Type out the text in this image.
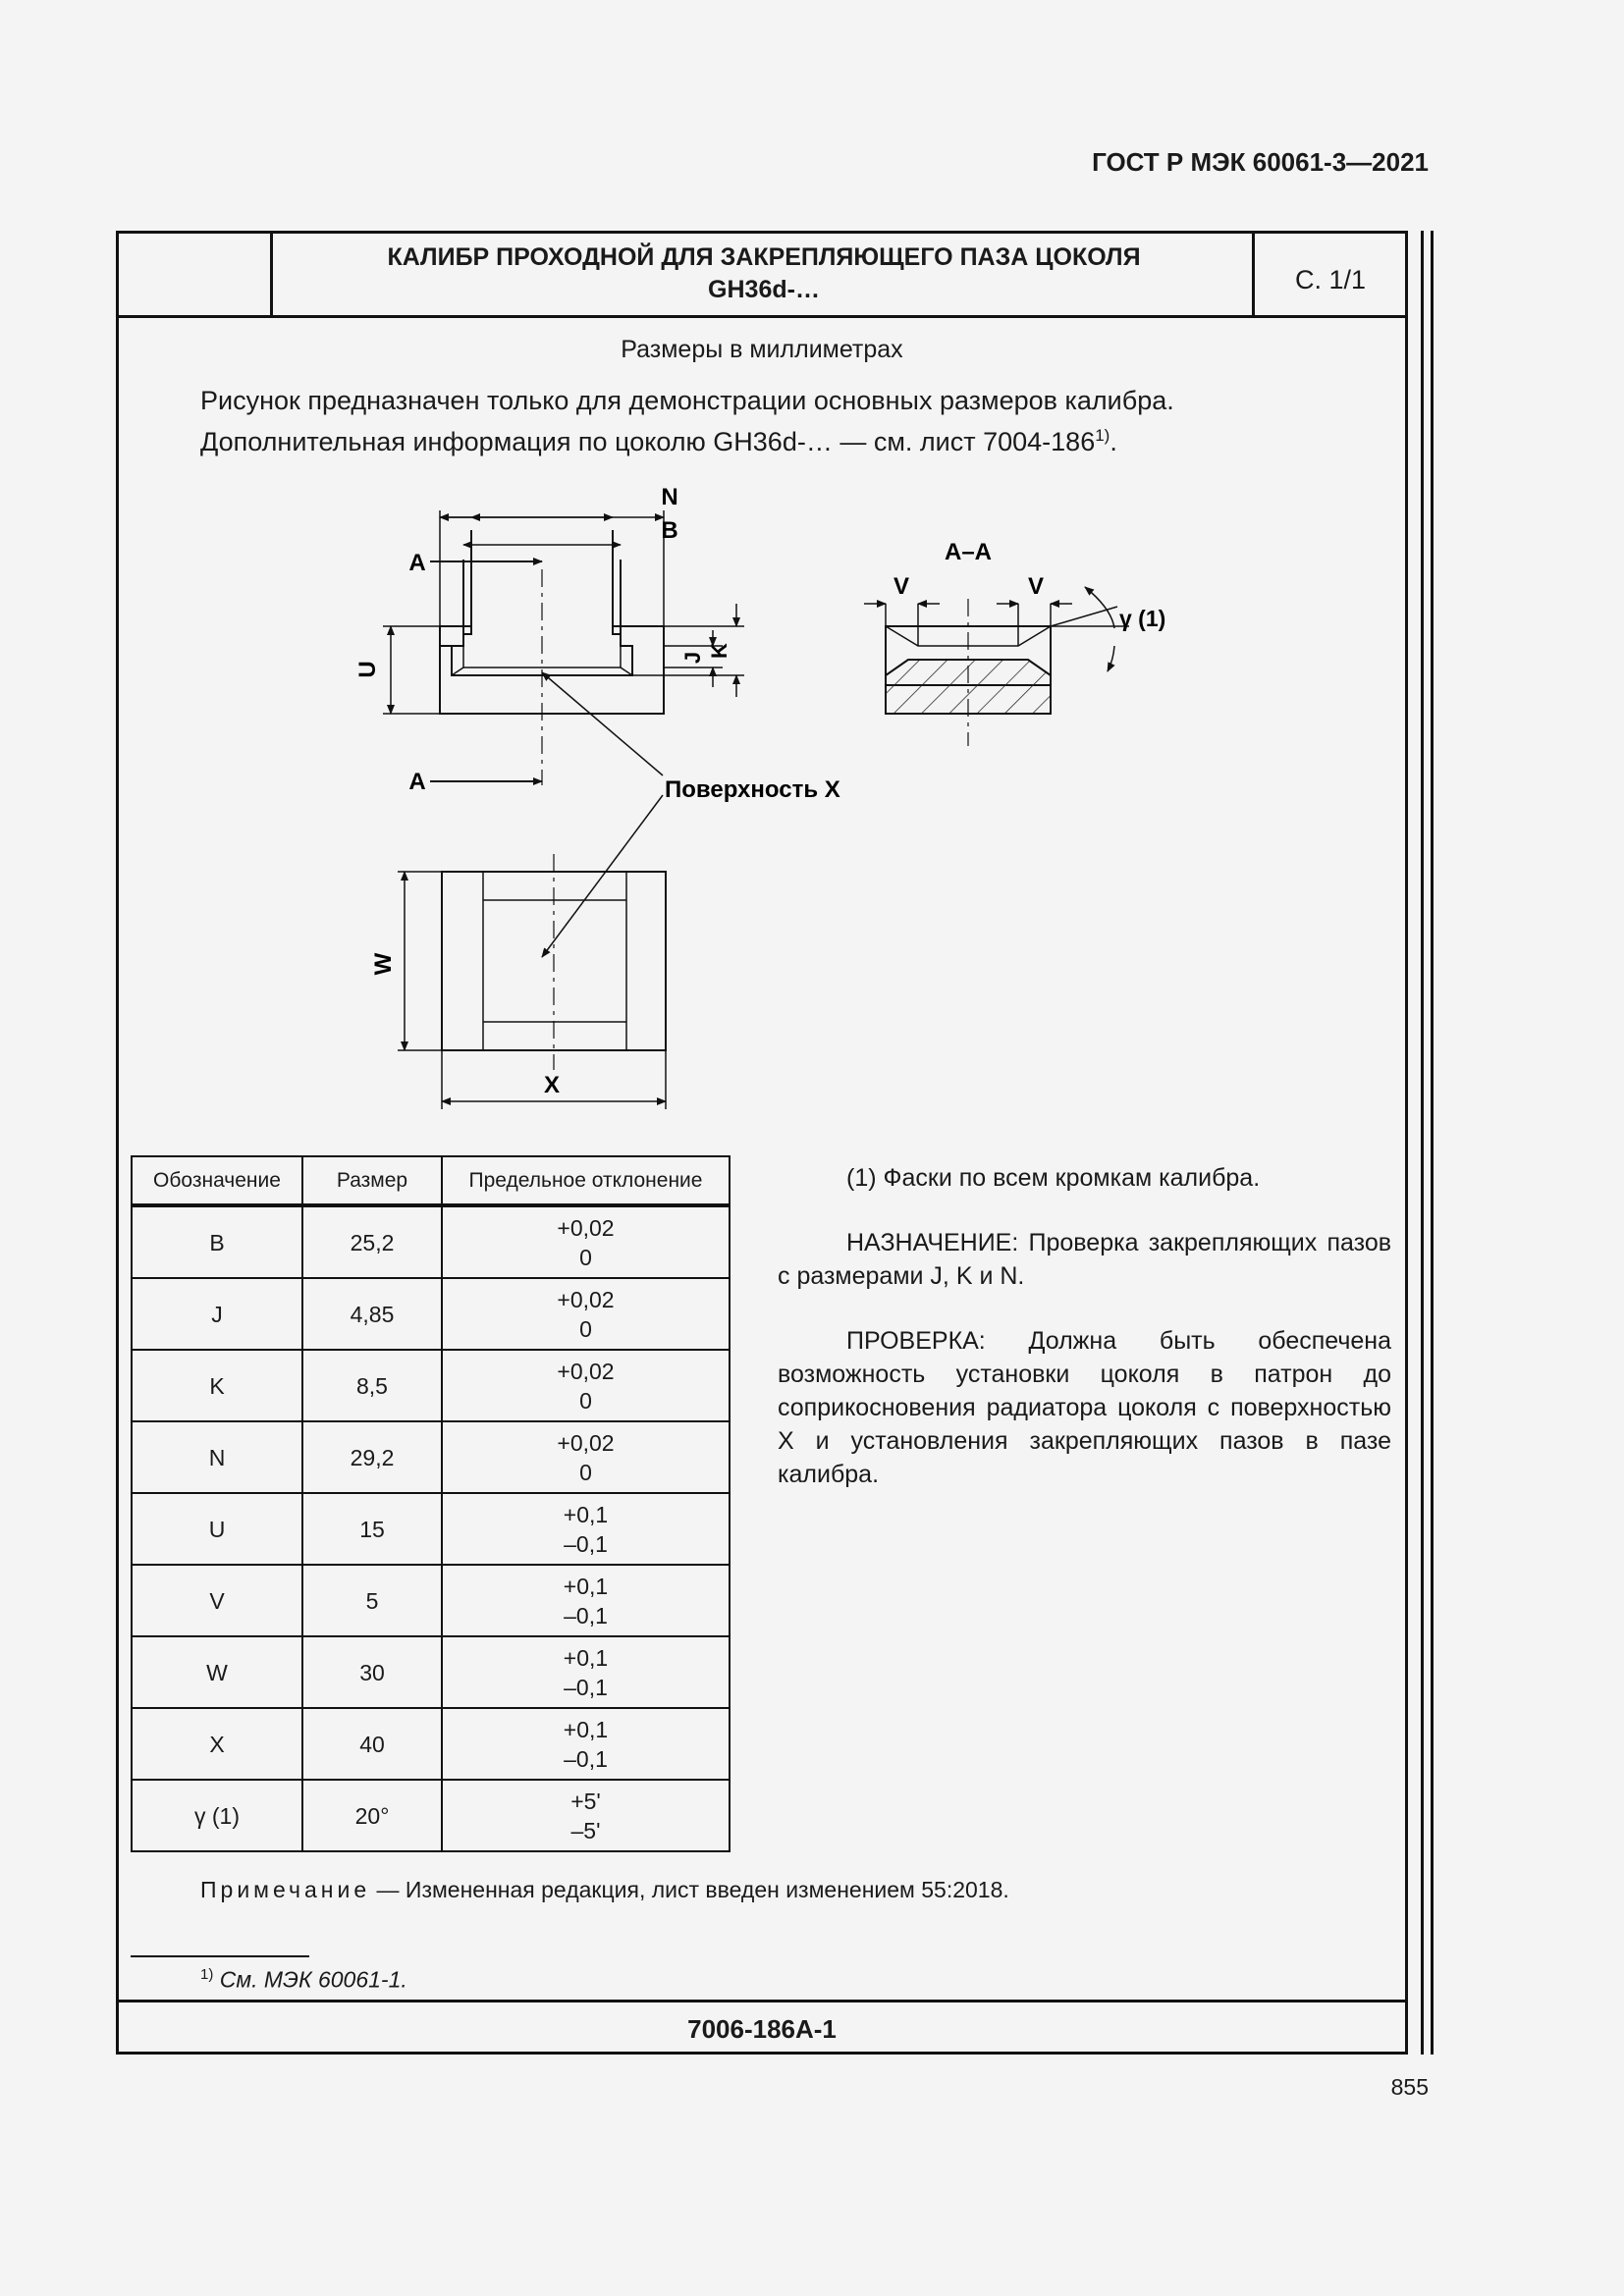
ГОСТ Р МЭК 60061-3—2021
КАЛИБР ПРОХОДНОЙ ДЛЯ ЗАКРЕПЛЯЮЩЕГО ПАЗА ЦОКОЛЯ
GH36d-…	С. 1/1
Размеры в миллиметрах
Рисунок предназначен только для демонстрации основных размеров калибра.
Дополнительная информация по цоколю GH36d-… — см. лист 7004-186$^{1)}$.
N
B
A
A
U
J K
A–A
V	V
γ (1)
Поверхность X
W
X
Обозначение	Размер	Предельное отклонение
B	25,2	+0,02
0

J	4,85	+0,02
0

K	8,5	+0,02
0

N	29,2	+0,02
0

U	15	+0,1
–0,1

V	5	+0,1
–0,1

W	30	+0,1
–0,1

X	40	+0,1
–0,1

γ (1)	20°	+5'
–5'

(1) Фаски по всем кромкам калибра.

НАЗНАЧЕНИЕ: Проверка закрепляющих пазов с размерами J, K и N.

ПРОВЕРКА: Должна быть обеспечена возможность установки цоколя в патрон до соприкосновения радиатора цоколя с поверхностью X и установления закрепляющих пазов в пазе калибра.

Примечание — Измененная редакция, лист введен изменением 55:2018.
$^{1)}$ См. МЭК 60061-1.
7006-186А-1
855
